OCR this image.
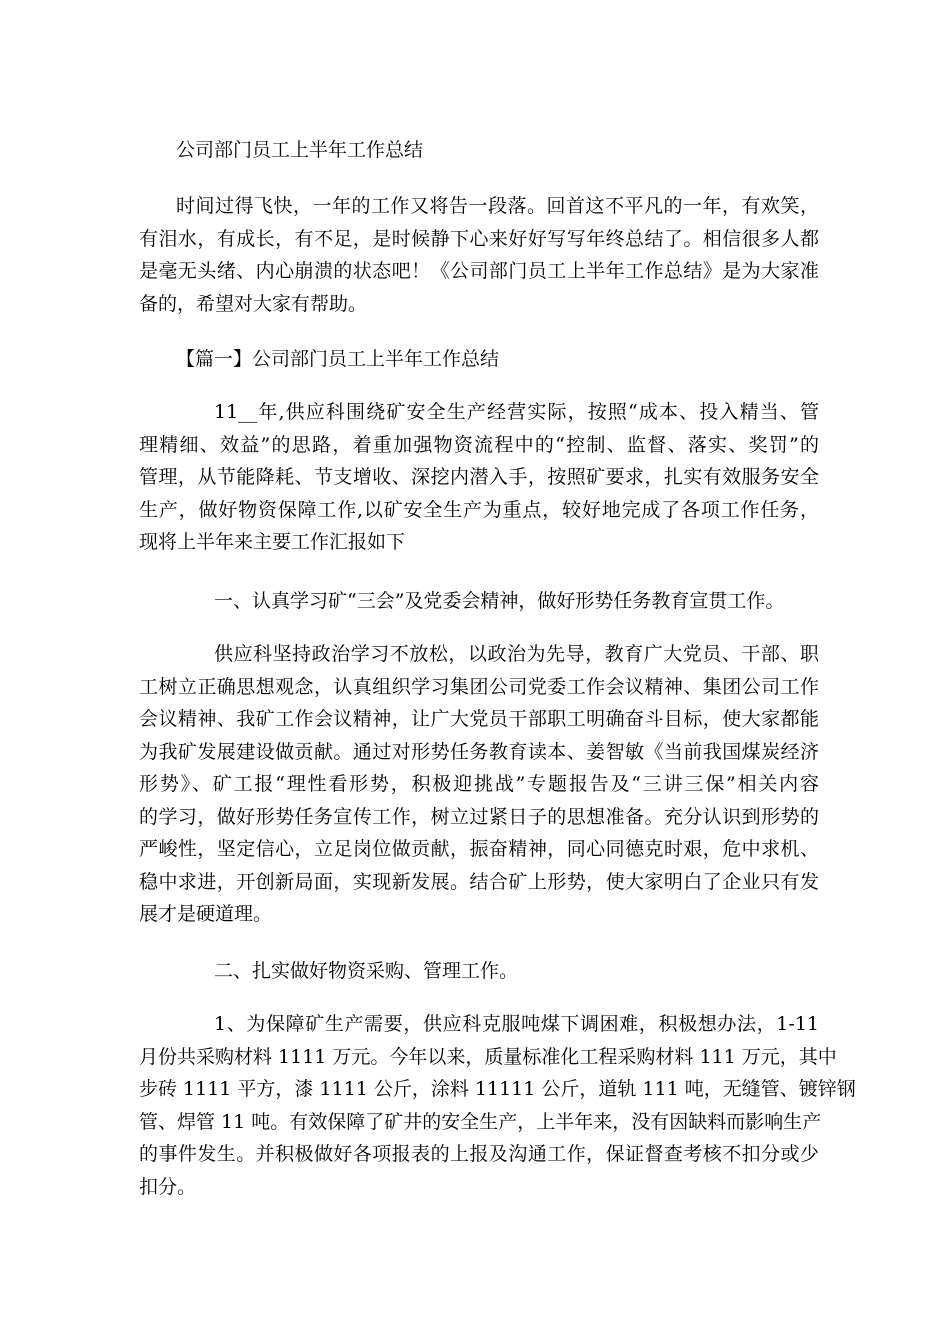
公司部门员工上半年工作总结
时间过得飞快，一年的工作又将告一段落。回首这不平凡的一年，有欢笑，
有泪水，有成长，有不足，是时候静下心来好好写写年终总结了。相信很多人都
是毫无头绪、内心崩溃的状态吧！《公司部门员工上半年工作总结》是为大家准
备的，希望对大家有帮助。
【篇一】公司部门员工上半年工作总结
11__年,供应科围绕矿安全生产经营实际，按照“成本、投入精当、管
理精细、效益”的思路，着重加强物资流程中的“控制、监督、落实、奖罚”的
管理，从节能降耗、节支增收、深挖内潜入手，按照矿要求，扎实有效服务安全
生产，做好物资保障工作,以矿安全生产为重点，较好地完成了各项工作任务，
现将上半年来主要工作汇报如下
一、认真学习矿“三会”及党委会精神，做好形势任务教育宣贯工作。
供应科坚持政治学习不放松，以政治为先导，教育广大党员、干部、职
工树立正确思想观念，认真组织学习集团公司党委工作会议精神、集团公司工作
会议精神、我矿工作会议精神，让广大党员干部职工明确奋斗目标，使大家都能
为我矿发展建设做贡献。通过对形势任务教育读本、姜智敏《当前我国煤炭经济
形势》、矿工报“理性看形势，积极迎挑战”专题报告及“三讲三保”相关内容
的学习，做好形势任务宣传工作，树立过紧日子的思想准备。充分认识到形势的
严峻性，坚定信心，立足岗位做贡献，振奋精神，同心同德克时艰，危中求机、
稳中求进，开创新局面，实现新发展。结合矿上形势，使大家明白了企业只有发
展才是硬道理。
二、扎实做好物资采购、管理工作。
1、为保障矿生产需要，供应科克服吨煤下调困难，积极想办法，1-11
月份共采购材料 1111 万元。今年以来，质量标准化工程采购材料 111 万元，其中
步砖 1111 平方，漆 1111 公斤，涂料 11111 公斤，道轨 111 吨，无缝管、镀锌钢
管、焊管 11 吨。有效保障了矿井的安全生产，上半年来，没有因缺料而影响生产
的事件发生。并积极做好各项报表的上报及沟通工作，保证督查考核不扣分或少
扣分。
